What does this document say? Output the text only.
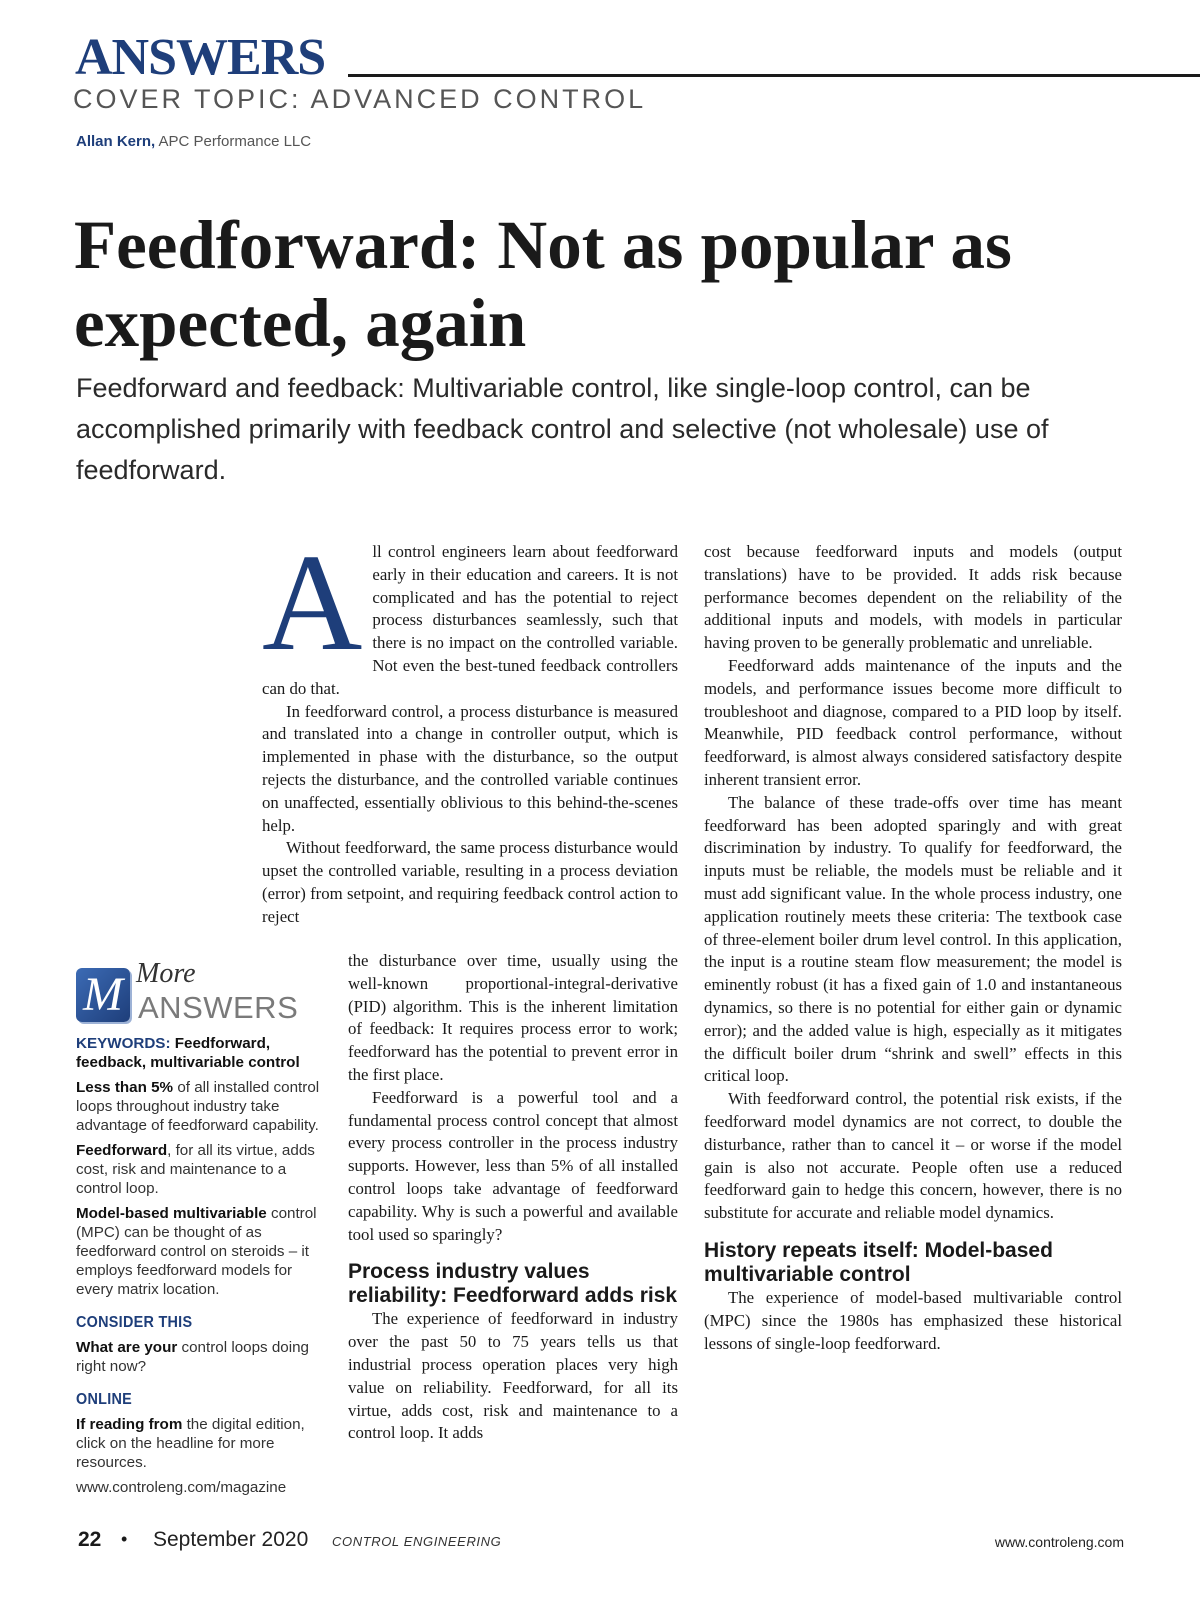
ANSWERS
COVER TOPIC: ADVANCED CONTROL
Allan Kern, APC Performance LLC
Feedforward: Not as popular as expected, again

Feedforward and feedback: Multivariable control, like single-loop control, can be accomplished primarily with feedback control and selective (not wholesale) use of feedforward.

All control engineers learn about feedforward early in their education and careers. It is not complicated and has the potential to reject process disturbances seamlessly, such that there is no impact on the controlled variable. Not even the best-tuned feedback controllers can do that.

In feedforward control, a process disturbance is measured and translated into a change in controller output, which is implemented in phase with the disturbance, so the output rejects the disturbance, and the controlled variable continues on unaffected, essentially oblivious to this behind-the-scenes help.

Without feedforward, the same process disturbance would upset the controlled variable, resulting in a process deviation (error) from setpoint, and requiring feedback control action to reject

the disturbance over time, usually using the well-known proportional-integral-derivative (PID) algorithm. This is the inherent limitation of feedback: It requires process error to work; feedforward has the potential to prevent error in the first place.

Feedforward is a powerful tool and a fundamental process control concept that almost every process controller in the process industry supports. However, less than 5% of all installed control loops take advantage of feedforward capability. Why is such a powerful and available tool used so sparingly?

Process industry values reliability: Feedforward adds risk

The experience of feedforward in industry over the past 50 to 75 years tells us that industrial process operation places very high value on reliability. Feedforward, for all its virtue, adds cost, risk and maintenance to a control loop. It adds

cost because feedforward inputs and models (output translations) have to be provided. It adds risk because performance becomes dependent on the reliability of the additional inputs and models, with models in particular having proven to be generally problematic and unreliable.

Feedforward adds maintenance of the inputs and the models, and performance issues become more difficult to troubleshoot and diagnose, compared to a PID loop by itself. Meanwhile, PID feedback control performance, without feedforward, is almost always considered satisfactory despite inherent transient error.

The balance of these trade-offs over time has meant feedforward has been adopted sparingly and with great discrimination by industry. To qualify for feedforward, the inputs must be reliable, the models must be reliable and it must add significant value. In the whole process industry, one application routinely meets these criteria: The textbook case of three-element boiler drum level control. In this application, the input is a routine steam flow measurement; the model is eminently robust (it has a fixed gain of 1.0 and instantaneous dynamics, so there is no potential for either gain or dynamic error); and the added value is high, especially as it mitigates the difficult boiler drum “shrink and swell” effects in this critical loop.

With feedforward control, the potential risk exists, if the feedforward model dynamics are not correct, to double the disturbance, rather than to cancel it – or worse if the model gain is also not accurate. People often use a reduced feedforward gain to hedge this concern, however, there is no substitute for accurate and reliable model dynamics.

History repeats itself: Model-based multivariable control

The experience of model-based multivariable control (MPC) since the 1980s has emphasized these historical lessons of single-loop feedforward.

M More
ANSWERS

KEYWORDS: Feedforward, feedback, multivariable control

Less than 5% of all installed control loops throughout industry take advantage of feedforward capability.

Feedforward, for all its virtue, adds cost, risk and maintenance to a control loop.

Model-based multivariable control (MPC) can be thought of as feedforward control on steroids – it employs feedforward models for every matrix location.

CONSIDER THIS

What are your control loops doing right now?

ONLINE

If reading from the digital edition, click on the headline for more resources.

www.controleng.com/magazine

22 • September 2020 CONTROL ENGINEERING	www.controleng.com
